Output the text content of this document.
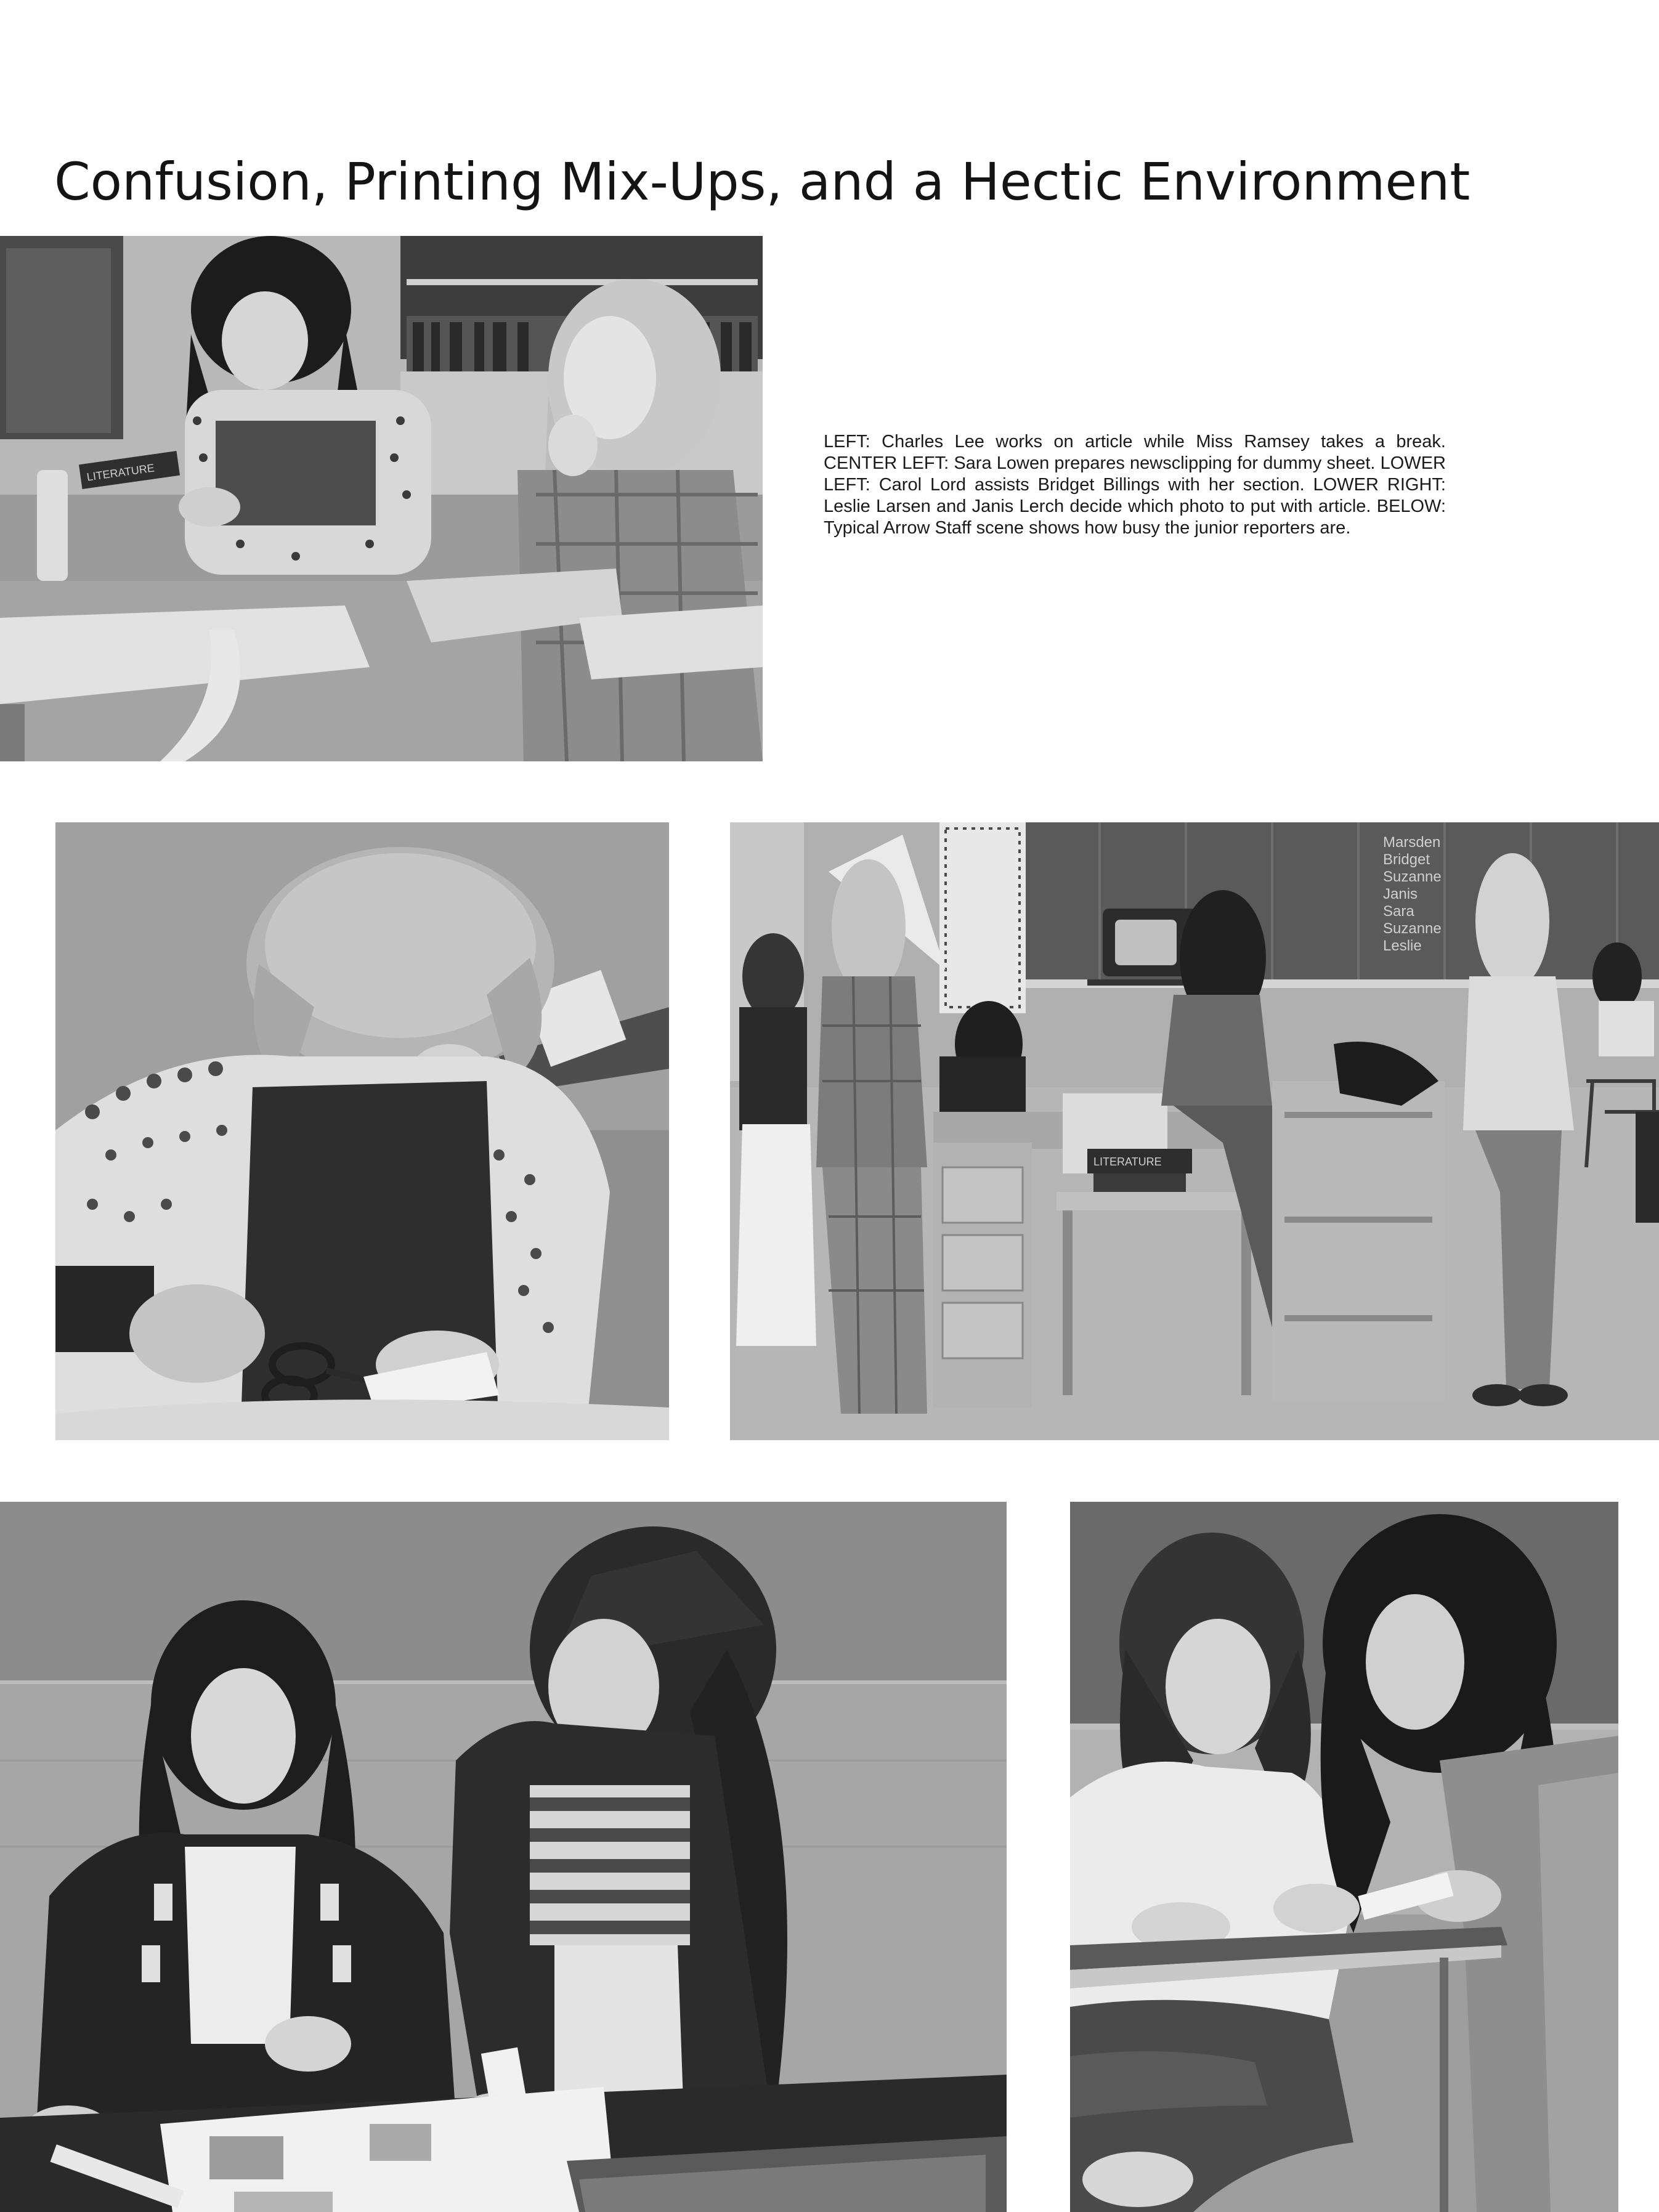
Confusion, Printing Mix-Ups, and a Hectic Environment
LEFT: Charles Lee works on article while Miss Ramsey takes a break. CENTER LEFT: Sara Lowen prepares newsclipping for dummy sheet. LOWER LEFT: Carol Lord assists Bridget Billings with her section. LOWER RIGHT: Leslie Larsen and Janis Lerch decide which photo to put with article. BELOW: Typical Arrow Staff scene shows how busy the junior reporters are.
LITERATURE
Marsden
Bridget
Suzanne
Janis
Sara
Suzanne
Leslie
LITERATURE
